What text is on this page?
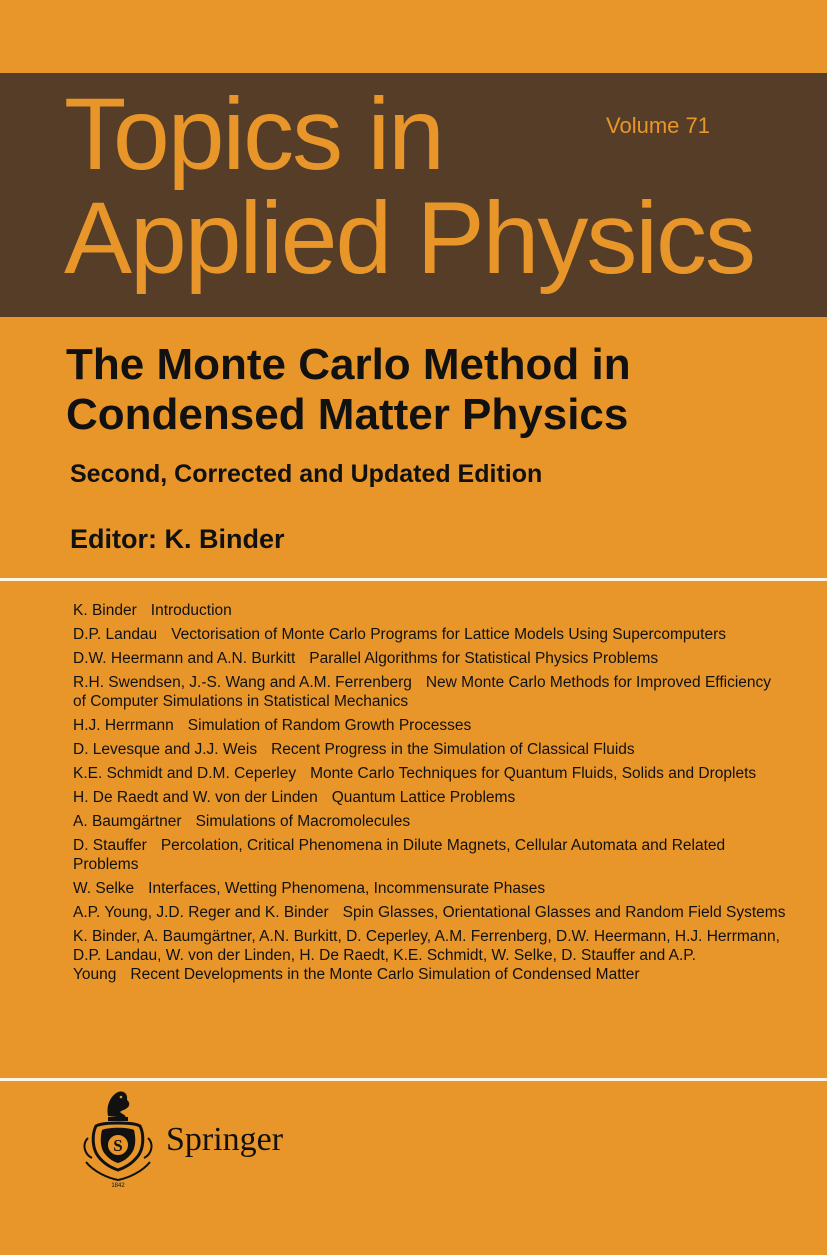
Topics in
Applied Physics
Volume 71
The Monte Carlo Method in
Condensed Matter Physics
Second, Corrected and Updated Edition
Editor: K. Binder
K. Binder Introduction
D.P. Landau Vectorisation of Monte Carlo Programs for Lattice Models Using Supercomputers
D.W. Heermann and A.N. Burkitt Parallel Algorithms for Statistical Physics Problems
R.H. Swendsen, J.-S. Wang and A.M. Ferrenberg New Monte Carlo Methods for Improved Efficiency of Computer Simulations in Statistical Mechanics
H.J. Herrmann Simulation of Random Growth Processes
D. Levesque and J.J. Weis Recent Progress in the Simulation of Classical Fluids
K.E. Schmidt and D.M. Ceperley Monte Carlo Techniques for Quantum Fluids, Solids and Droplets
H. De Raedt and W. von der Linden Quantum Lattice Problems
A. Baumgärtner Simulations of Macromolecules
D. Stauffer Percolation, Critical Phenomena in Dilute Magnets, Cellular Automata and Related Problems
W. Selke Interfaces, Wetting Phenomena, Incommensurate Phases
A.P. Young, J.D. Reger and K. Binder Spin Glasses, Orientational Glasses and Random Field Systems
K. Binder, A. Baumgärtner, A.N. Burkitt, D. Ceperley, A.M. Ferrenberg, D.W. Heermann, H.J. Herrmann, D.P. Landau, W. von der Linden, H. De Raedt, K.E. Schmidt, W. Selke, D. Stauffer and A.P. Young Recent Developments in the Monte Carlo Simulation of Condensed Matter
S
1842
Springer
